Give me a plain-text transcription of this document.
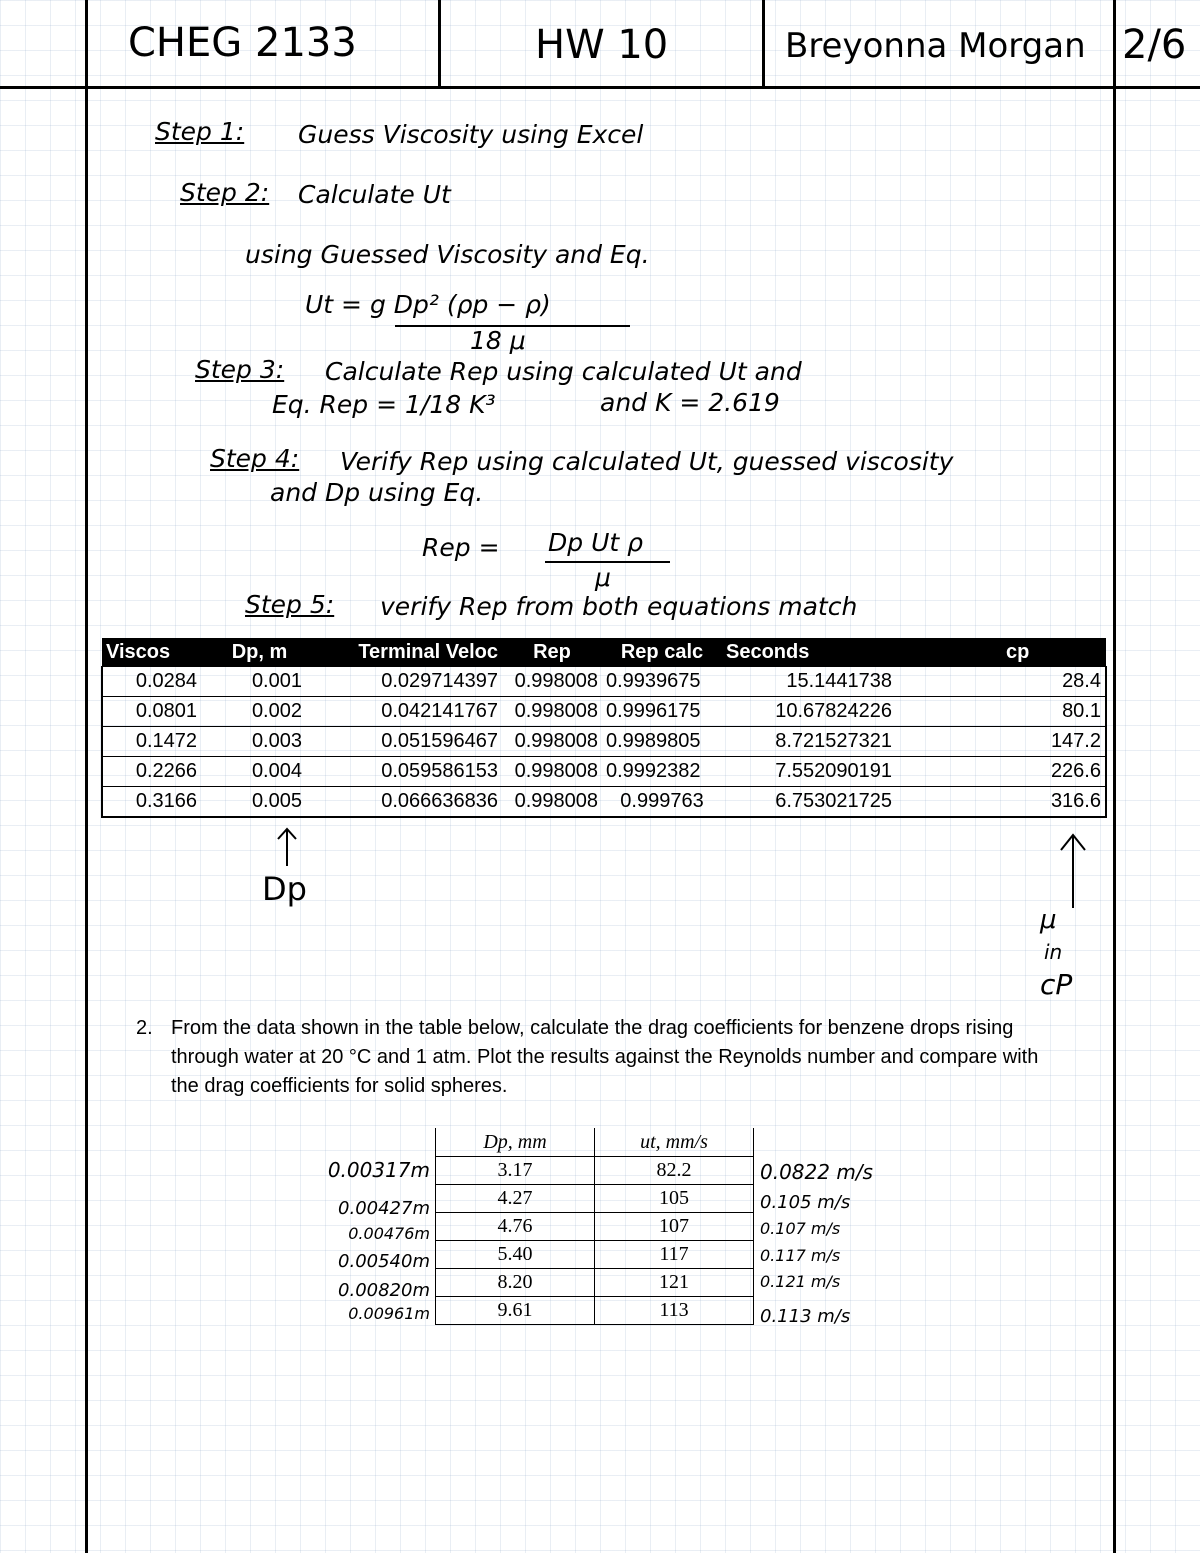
CHEG 2133	HW 10	Breyonna Morgan 2/6
Step 1: Guess Viscosity using Excel
Step 2: Calculate Ut
using Guessed Viscosity and Eq.
Ut = g Dp² (ρp − ρ)
18 μ
Step 3: Calculate Rep using calculated Ut and
Eq. Rep = 1/18 K³	and K = 2.619
Step 4: Verify Rep using calculated Ut, guessed viscosity
and Dp using Eq.
Rep = Dp Ut ρ
μ
Step 5: verify Rep from both equations match
Viscos	Dp, m	Terminal Veloc	Rep	Rep calc	Seconds	cp
0.0284	0.001	0.029714397	0.998008	0.9939675	15.1441738	28.4
0.0801	0.002	0.042141767	0.998008	0.9996175	10.67824226	80.1
0.1472	0.003	0.051596467	0.998008	0.9989805	8.721527321	147.2
0.2266	0.004	0.059586153	0.998008	0.9992382	7.552090191	226.6
0.3166	0.005	0.066636836	0.998008	0.999763	6.753021725	316.6
Dp
μ
in
cP
2. From the data shown in the table below, calculate the drag coefficients for benzene drops rising through water at 20 °C and 1 atm. Plot the results against the Reynolds number and compare with the drag coefficients for solid spheres.
Dp, mm	ut, mm/s
3.17	82.2
4.27	105
4.76	107
5.40	117
8.20	121
9.61	113
0.00317m
0.00427m
0.00476m
0.00540m
0.00820m
0.00961m
0.0822 m/s
0.105 m/s
0.107 m/s
0.117 m/s
0.121 m/s
0.113 m/s
